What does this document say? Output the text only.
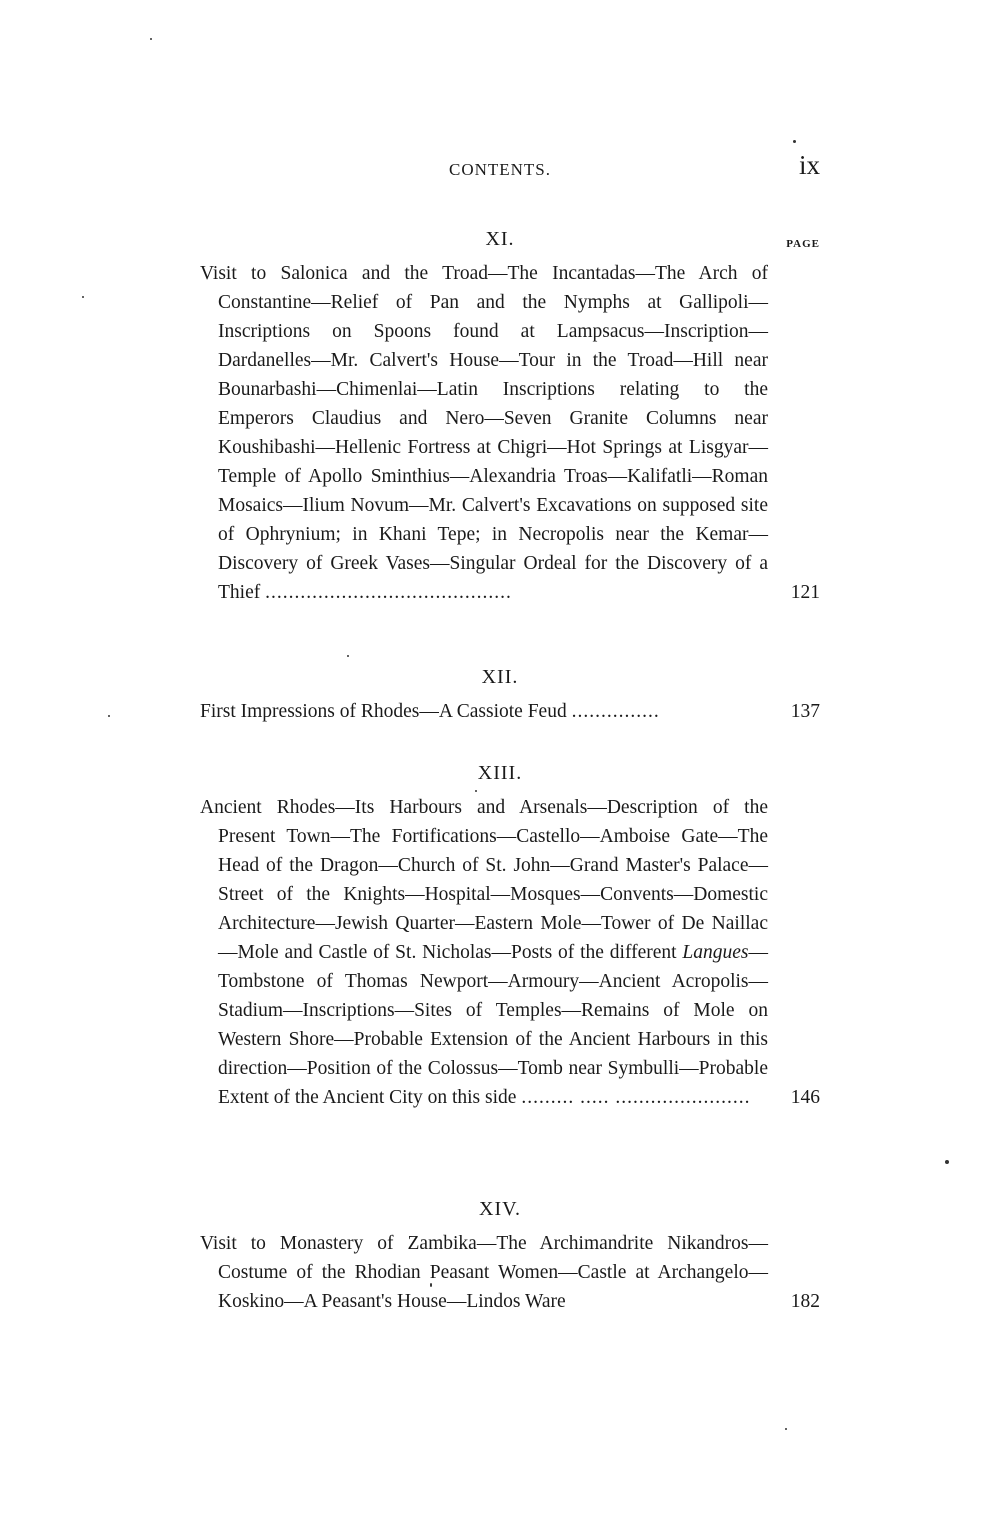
CONTENTS.	ix
PAGE
XI.
Visit to Salonica and the Troad—The Incantadas—The Arch of Constantine—Relief of Pan and the Nymphs at Gallipoli—Inscriptions on Spoons found at Lampsacus—Inscription—Dardanelles—Mr. Calvert's House—Tour in the Troad—Hill near Bounarbashi—Chimenlai—Latin Inscriptions relating to the Emperors Claudius and Nero—Seven Granite Columns near Koushibashi—Hellenic Fortress at Chigri—Hot Springs at Lisgyar—Temple of Apollo Sminthius—Alexandria Troas—Kalifatli—Roman Mosaics—Ilium Novum—Mr. Calvert's Excavations on supposed site of Ophrynium; in Khani Tepe; in Necropolis near the Kemar—Discovery of Greek Vases—Singular Ordeal for the Discovery of a Thief ..........................................	121
XII.
First Impressions of Rhodes—A Cassiote Feud ...............	137
XIII.
Ancient Rhodes—Its Harbours and Arsenals—Description of the Present Town—The Fortifications—Castello—Amboise Gate—The Head of the Dragon—Church of St. John—Grand Master's Palace—Street of the Knights—Hospital—Mosques—Convents—Domestic Architecture—Jewish Quarter—Eastern Mole—Tower of De Naillac—Mole and Castle of St. Nicholas—Posts of the different Langues—Tombstone of Thomas Newport—Armoury—Ancient Acropolis—Stadium—Inscriptions—Sites of Temples—Remains of Mole on Western Shore—Probable Extension of the Ancient Harbours in this direction—Position of the Colossus—Tomb near Symbulli—Probable Extent of the Ancient City on this side ......... ..... ....................... 146
XIV.
Visit to Monastery of Zambika—The Archimandrite Nikandros—Costume of the Rhodian Peasant Women—Castle at Archangelo—Koskino—A Peasant's House—Lindos Ware	182
